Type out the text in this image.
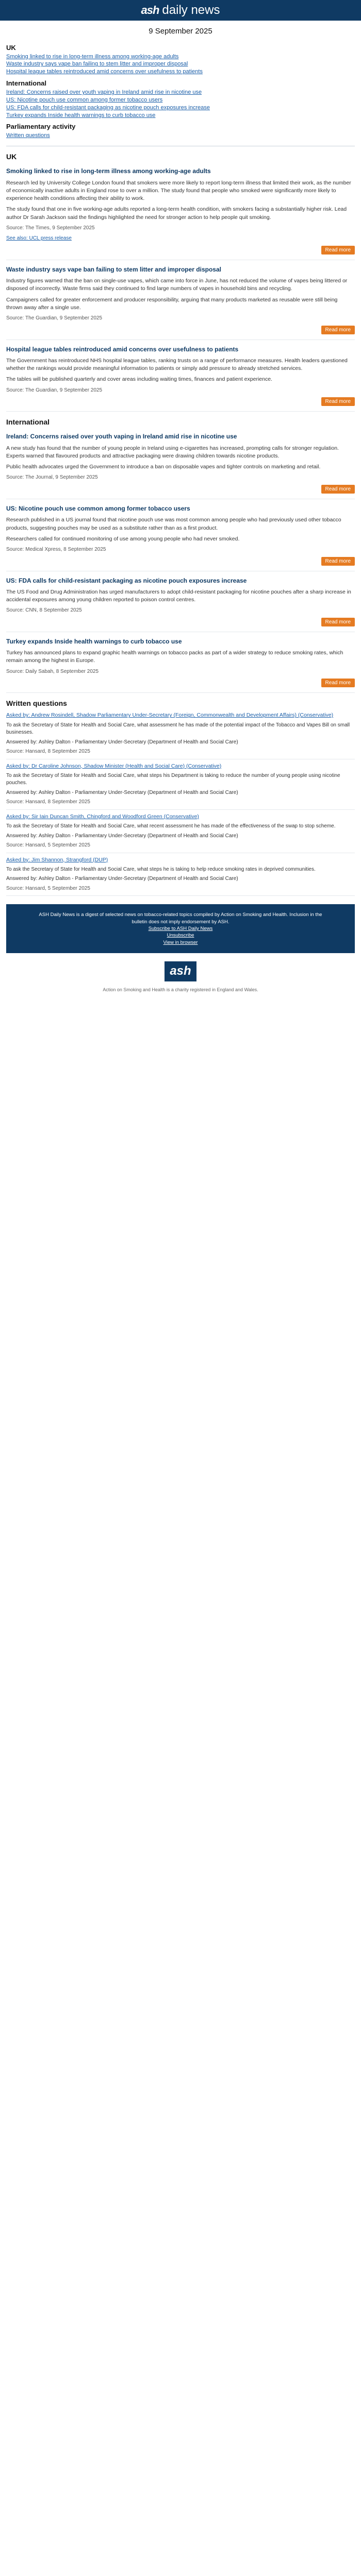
ash daily news
9 September 2025
UK
Smoking linked to rise in long-term illness among working-age adults
Waste industry says vape ban failing to stem litter and improper disposal
Hospital league tables reintroduced amid concerns over usefulness to patients
International
Ireland: Concerns raised over youth vaping in Ireland amid rise in nicotine use
US: Nicotine pouch use common among former tobacco users
US: FDA calls for child-resistant packaging as nicotine pouch exposures increase
Turkey expands Inside health warnings to curb tobacco use
Parliamentary activity
Written questions
UK
Smoking linked to rise in long-term illness among working-age adults

Research led by University College London found that smokers were more likely to report long-term illness that limited their work, as the number of economically inactive adults in England rose to over a million. The study found that people who smoked were significantly more likely to experience health conditions affecting their ability to work.

The study found that one in five working-age adults reported a long-term health condition, with smokers facing a substantially higher risk. Lead author Dr Sarah Jackson said the findings highlighted the need for stronger action to help people quit smoking.

Source: The Times, 9 September 2025
See also: UCL press release
Read more
Waste industry says vape ban failing to stem litter and improper disposal

Industry figures warned that the ban on single-use vapes, which came into force in June, has not reduced the volume of vapes being littered or disposed of incorrectly. Waste firms said they continued to find large numbers of vapes in household bins and recycling.

Campaigners called for greater enforcement and producer responsibility, arguing that many products marketed as reusable were still being thrown away after a single use.

Source: The Guardian, 9 September 2025
Read more
Hospital league tables reintroduced amid concerns over usefulness to patients

The Government has reintroduced NHS hospital league tables, ranking trusts on a range of performance measures. Health leaders questioned whether the rankings would provide meaningful information to patients or simply add pressure to already stretched services.

The tables will be published quarterly and cover areas including waiting times, finances and patient experience.

Source: The Guardian, 9 September 2025
Read more
International
Ireland: Concerns raised over youth vaping in Ireland amid rise in nicotine use

A new study has found that the number of young people in Ireland using e-cigarettes has increased, prompting calls for stronger regulation. Experts warned that flavoured products and attractive packaging were drawing children towards nicotine products.

Public health advocates urged the Government to introduce a ban on disposable vapes and tighter controls on marketing and retail.

Source: The Journal, 9 September 2025
Read more
US: Nicotine pouch use common among former tobacco users

Research published in a US journal found that nicotine pouch use was most common among people who had previously used other tobacco products, suggesting pouches may be used as a substitute rather than as a first product.

Researchers called for continued monitoring of use among young people who had never smoked.

Source: Medical Xpress, 8 September 2025
Read more
US: FDA calls for child-resistant packaging as nicotine pouch exposures increase

The US Food and Drug Administration has urged manufacturers to adopt child-resistant packaging for nicotine pouches after a sharp increase in accidental exposures among young children reported to poison control centres.

Source: CNN, 8 September 2025
Read more
Turkey expands Inside health warnings to curb tobacco use

Turkey has announced plans to expand graphic health warnings on tobacco packs as part of a wider strategy to reduce smoking rates, which remain among the highest in Europe.

Source: Daily Sabah, 8 September 2025
Read more
Written questions
Asked by: Andrew Rosindell, Shadow Parliamentary Under-Secretary (Foreign, Commonwealth and Development Affairs) (Conservative)

To ask the Secretary of State for Health and Social Care, what assessment he has made of the potential impact of the Tobacco and Vapes Bill on small businesses.

Answered by: Ashley Dalton - Parliamentary Under-Secretary (Department of Health and Social Care)

Source: Hansard, 8 September 2025
Asked by: Dr Caroline Johnson, Shadow Minister (Health and Social Care) (Conservative)

To ask the Secretary of State for Health and Social Care, what steps his Department is taking to reduce the number of young people using nicotine pouches.

Answered by: Ashley Dalton - Parliamentary Under-Secretary (Department of Health and Social Care)

Source: Hansard, 8 September 2025
Asked by: Sir Iain Duncan Smith, Chingford and Woodford Green (Conservative)

To ask the Secretary of State for Health and Social Care, what recent assessment he has made of the effectiveness of the swap to stop scheme.

Answered by: Ashley Dalton - Parliamentary Under-Secretary (Department of Health and Social Care)

Source: Hansard, 5 September 2025
Asked by: Jim Shannon, Strangford (DUP)

To ask the Secretary of State for Health and Social Care, what steps he is taking to help reduce smoking rates in deprived communities.

Answered by: Ashley Dalton - Parliamentary Under-Secretary (Department of Health and Social Care)

Source: Hansard, 5 September 2025
ASH Daily News is a digest of selected news on tobacco-related topics compiled by Action on Smoking and Health. Inclusion in the bulletin does not imply endorsement by ASH.
Subscribe to ASH Daily News
Unsubscribe
View in browser
ash
Action on Smoking and Health is a charity registered in England and Wales.
